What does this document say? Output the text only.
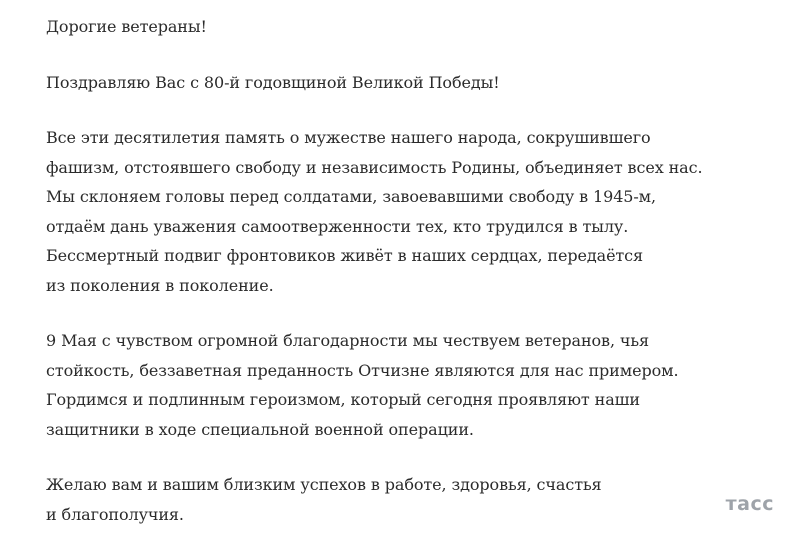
Дорогие ветераны!

Поздравляю Вас с 80-й годовщиной Великой Победы!

Все эти десятилетия память о мужестве нашего народа, сокрушившего
фашизм, отстоявшего свободу и независимость Родины, объединяет всех нас.
Мы склоняем головы перед солдатами, завоевавшими свободу в 1945-м,
отдаём дань уважения самоотверженности тех, кто трудился в тылу.
Бессмертный подвиг фронтовиков живёт в наших сердцах, передаётся
из поколения в поколение.

9 Мая с чувством огромной благодарности мы чествуем ветеранов, чья
стойкость, беззаветная преданность Отчизне являются для нас примером.
Гордимся и подлинным героизмом, который сегодня проявляют наши
защитники в ходе специальной военной операции.

Желаю вам и вашим близким успехов в работе, здоровья, счастья
и благополучия.	тасс
